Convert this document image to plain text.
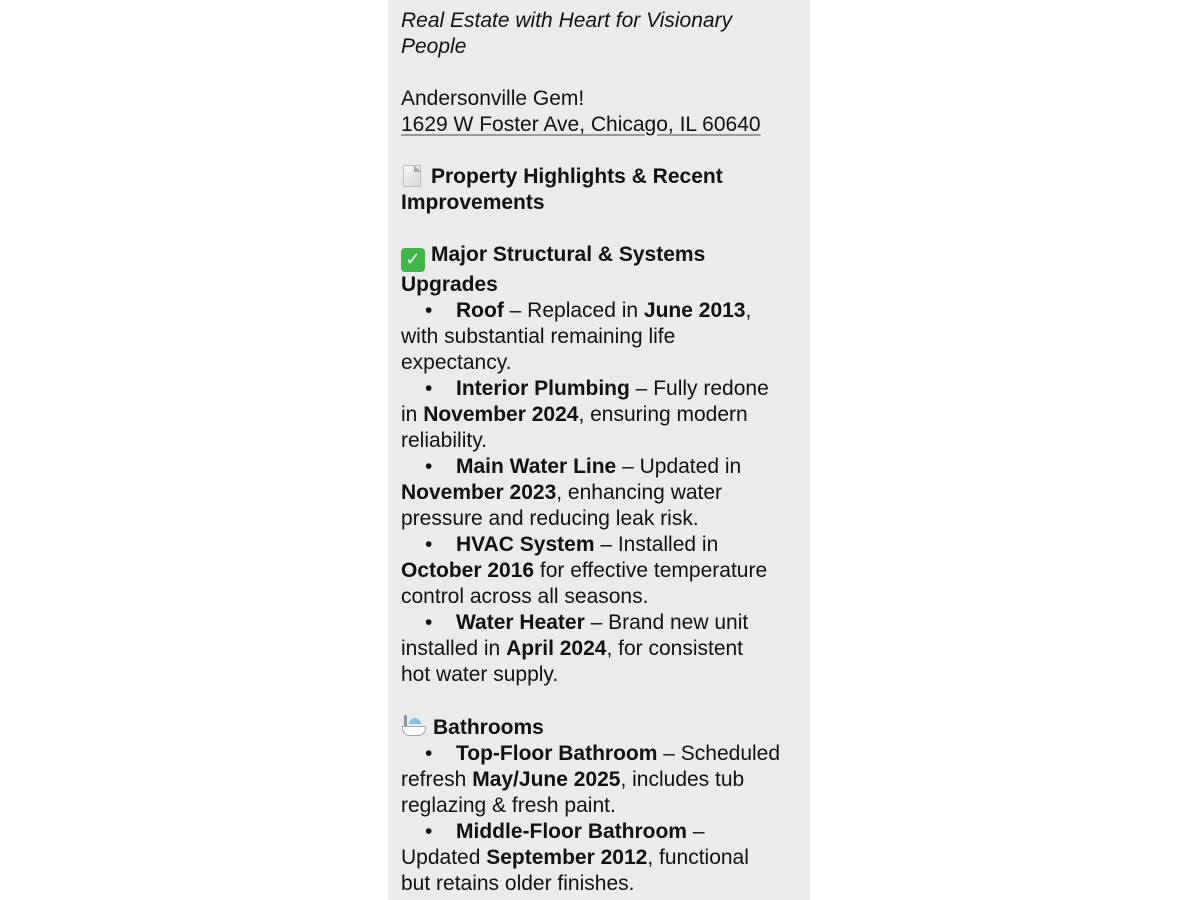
Real Estate with Heart for Visionary

People

Andersonville Gem!

1629 W Foster Ave, Chicago, IL 60640

Property Highlights & Recent

Improvements

✓ Major Structural & Systems

Upgrades

• Roof – Replaced in June 2013,

with substantial remaining life

expectancy.

• Interior Plumbing – Fully redone

in November 2024, ensuring modern

reliability.

• Main Water Line – Updated in

November 2023, enhancing water

pressure and reducing leak risk.

• HVAC System – Installed in

October 2016 for effective temperature

control across all seasons.

• Water Heater – Brand new unit

installed in April 2024, for consistent

hot water supply.

Bathrooms

• Top-Floor Bathroom – Scheduled

refresh May/June 2025, includes tub

reglazing & fresh paint.

• Middle-Floor Bathroom –

Updated September 2012, functional

but retains older finishes.
